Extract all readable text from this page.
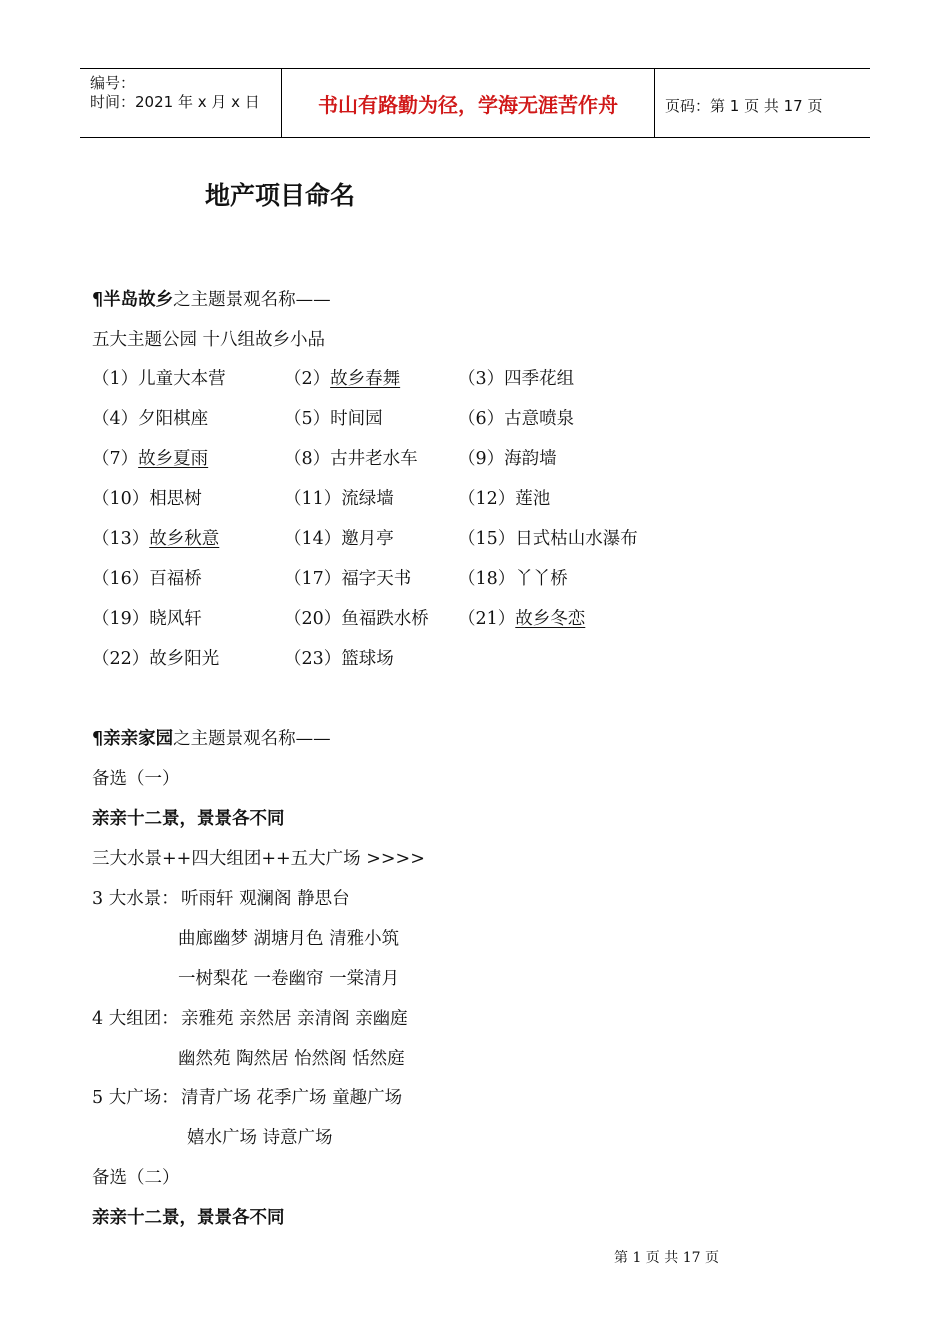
编号：
时间：2021 年 x 月 x 日	书山有路勤为径，学海无涯苦作舟	页码：第 1 页 共 17 页
地产项目命名
¶半岛故乡之主题景观名称——
五大主题公园 十八组故乡小品
（1）儿童大本营	（2）故乡春舞	（3）四季花组
（4）夕阳棋座	（5）时间园	（6）古意喷泉
（7）故乡夏雨	（8）古井老水车 （9）海韵墙
（10）相思树	（11）流绿墙	（12）莲池
（13）故乡秋意	（14）邀月亭	（15）日式枯山水瀑布
（16）百福桥	（17）福字天书	（18）丫丫桥
（19）晓风轩	（20）鱼福跌水桥 （21）故乡冬恋
（22）故乡阳光	（23）篮球场
¶亲亲家园之主题景观名称——
备选（一）
亲亲十二景，景景各不同
三大水景++四大组团++五大广场 >>>>
3 大水景： 听雨轩 观澜阁 静思台
曲廊幽梦 湖塘月色 清雅小筑
一树梨花 一卷幽帘 一棠清月
4 大组团： 亲雅苑 亲然居 亲清阁 亲幽庭
幽然苑 陶然居 怡然阁 恬然庭
5 大广场： 清青广场 花季广场 童趣广场
嬉水广场 诗意广场
备选（二）
亲亲十二景，景景各不同
第 1 页 共 17 页
